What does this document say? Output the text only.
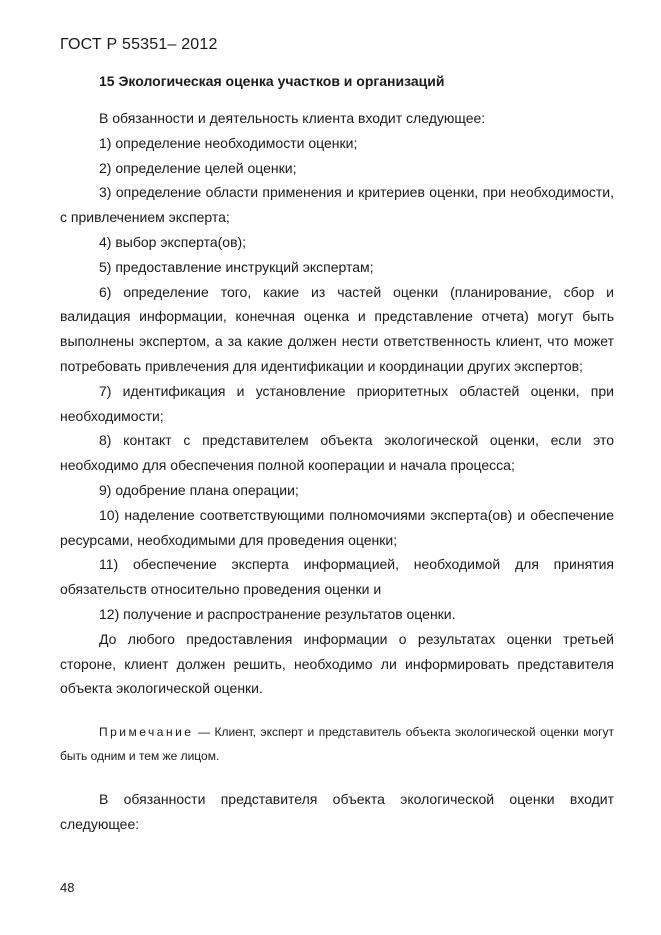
ГОСТ Р 55351– 2012
15 Экологическая оценка участков и организаций

В обязанности и деятельность клиента входит следующее:

1) определение необходимости оценки;

2) определение целей оценки;

3) определение области применения и критериев оценки, при необходимости, с привлечением эксперта;

4) выбор эксперта(ов);

5) предоставление инструкций экспертам;

6) определение того, какие из частей оценки (планирование, сбор и валидация информации, конечная оценка и представление отчета) могут быть выполнены экспертом, а за какие должен нести ответственность клиент, что может потребовать привлечения для идентификации и координации других экспертов;

7) идентификация и установление приоритетных областей оценки, при необходимости;

8) контакт с представителем объекта экологической оценки, если это необходимо для обеспечения полной кооперации и начала процесса;

9) одобрение плана операции;

10) наделение соответствующими полномочиями эксперта(ов) и обеспечение ресурсами, необходимыми для проведения оценки;

11) обеспечение эксперта информацией, необходимой для принятия обязательств относительно проведения оценки и

12) получение и распространение результатов оценки.

До любого предоставления информации о результатах оценки третьей стороне, клиент должен решить, необходимо ли информировать представителя объекта экологической оценки.

Примечание — Клиент, эксперт и представитель объекта экологической оценки могут быть одним и тем же лицом.

В обязанности представителя объекта экологической оценки входит следующее:

48
